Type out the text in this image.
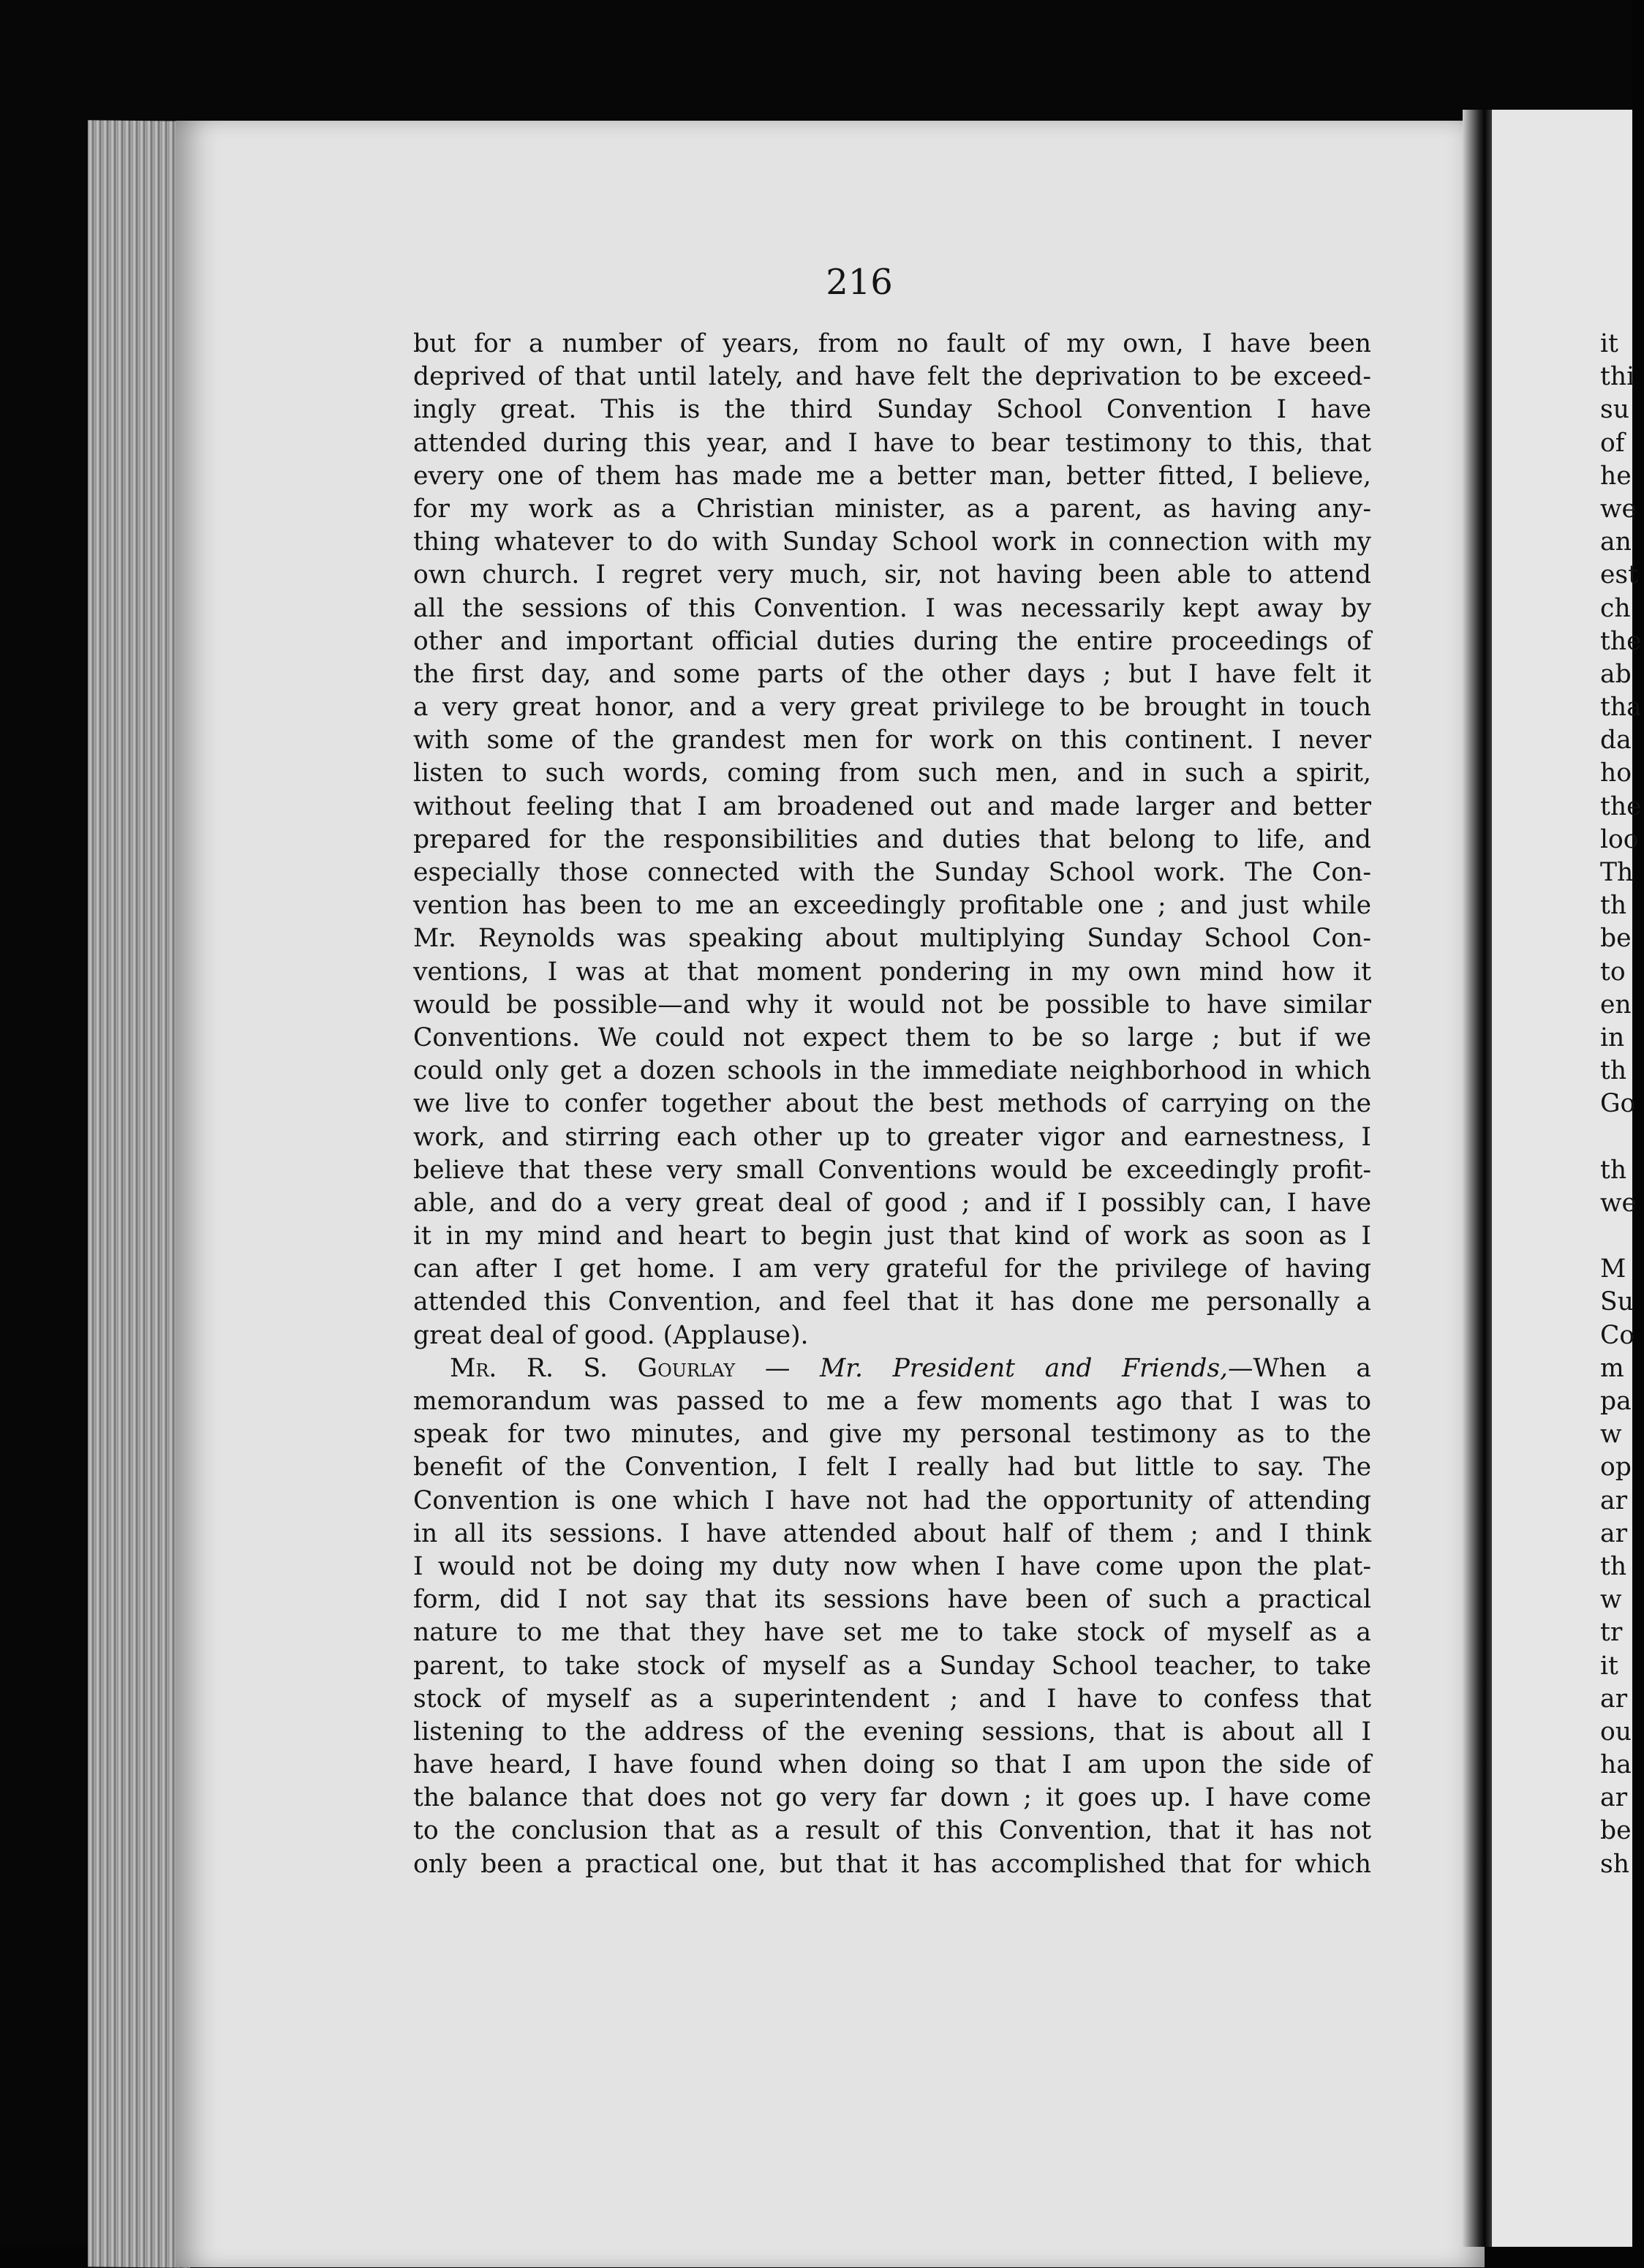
216
but for a number of years, from no fault of my own, I have been
deprived of that until lately, and have felt the deprivation to be exceed-
ingly great. This is the third Sunday School Convention I have
attended during this year, and I have to bear testimony to this, that
every one of them has made me a better man, better fitted, I believe,
for my work as a Christian minister, as a parent, as having any-
thing whatever to do with Sunday School work in connection with my
own church. I regret very much, sir, not having been able to attend
all the sessions of this Convention. I was necessarily kept away by
other and important official duties during the entire proceedings of
the first day, and some parts of the other days ; but I have felt it
a very great honor, and a very great privilege to be brought in touch
with some of the grandest men for work on this continent. I never
listen to such words, coming from such men, and in such a spirit,
without feeling that I am broadened out and made larger and better
prepared for the responsibilities and duties that belong to life, and
especially those connected with the Sunday School work. The Con-
vention has been to me an exceedingly profitable one ; and just while
Mr. Reynolds was speaking about multiplying Sunday School Con-
ventions, I was at that moment pondering in my own mind how it
would be possible—and why it would not be possible to have similar
Conventions. We could not expect them to be so large ; but if we
could only get a dozen schools in the immediate neighborhood in which
we live to confer together about the best methods of carrying on the
work, and stirring each other up to greater vigor and earnestness, I
believe that these very small Conventions would be exceedingly profit-
able, and do a very great deal of good ; and if I possibly can, I have
it in my mind and heart to begin just that kind of work as soon as I
can after I get home. I am very grateful for the privilege of having
attended this Convention, and feel that it has done me personally a
great deal of good. (Applause).
Mr. R. S. Gourlay — Mr. President and Friends,—When a
memorandum was passed to me a few moments ago that I was to
speak for two minutes, and give my personal testimony as to the
benefit of the Convention, I felt I really had but little to say. The
Convention is one which I have not had the opportunity of attending
in all its sessions. I have attended about half of them ; and I think
I would not be doing my duty now when I have come upon the plat-
form, did I not say that its sessions have been of such a practical
nature to me that they have set me to take stock of myself as a
parent, to take stock of myself as a Sunday School teacher, to take
stock of myself as a superintendent ; and I have to confess that
listening to the address of the evening sessions, that is about all I
have heard, I have found when doing so that I am upon the side of
the balance that does not go very far down ; it goes up. I have come
to the conclusion that as a result of this Convention, that it has not
only been a practical one, but that it has accomplished that for which
it
thi
su
of
he
we
an
est
ch
the
ab
tha
da
ho
the
loo
Th
th
be
to
en
in
th
Go
th
we
M
Su
Co
m
pa
w
op
ar
ar
th
w
tr
it
ar
ou
ha
ar
be
sh
